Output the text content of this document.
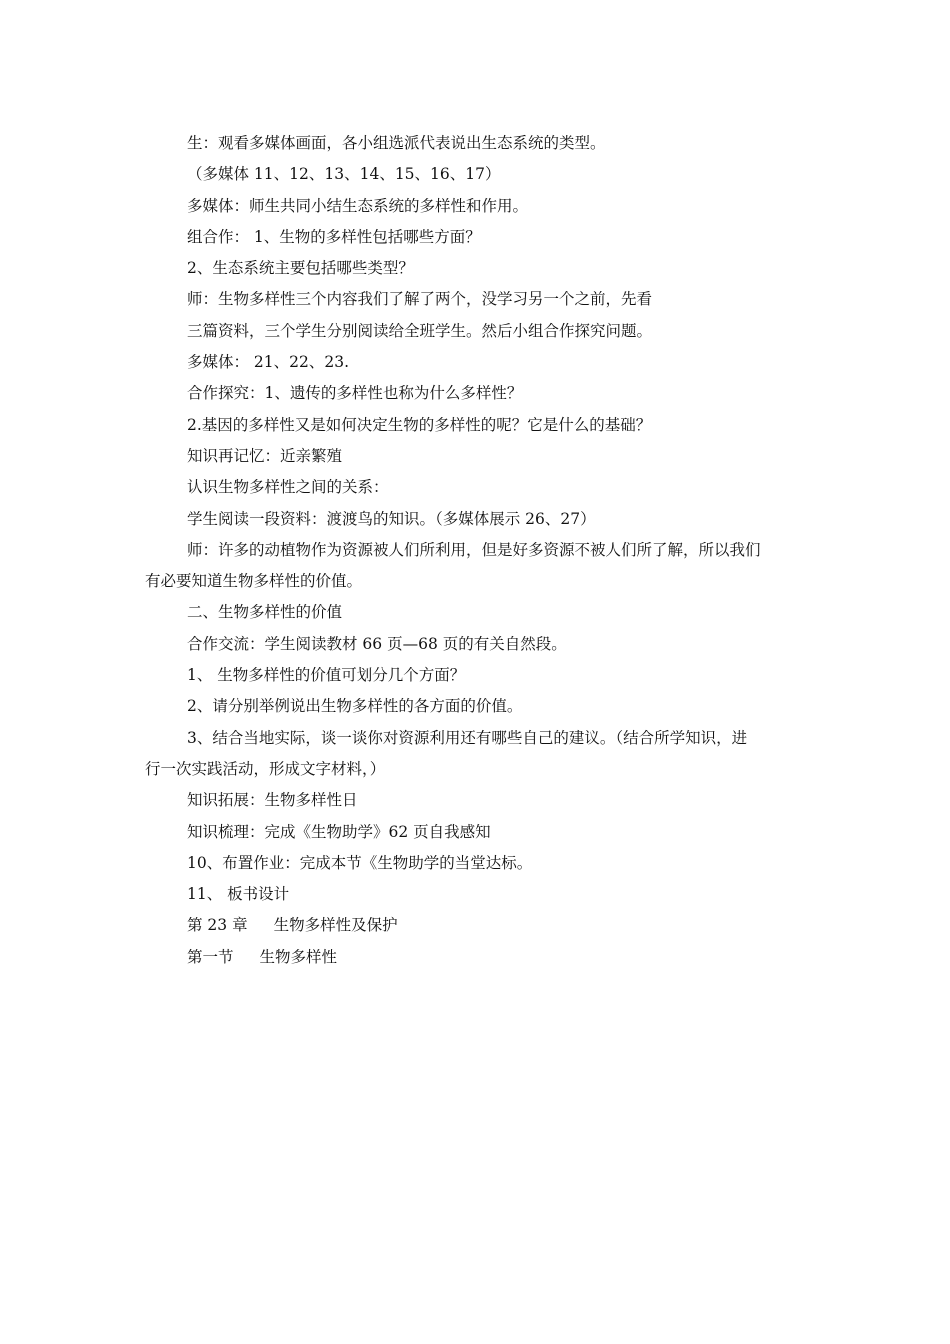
生：观看多媒体画面，各小组选派代表说出生态系统的类型。
（多媒体 11、12、13、14、15、16、17）
多媒体：师生共同小结生态系统的多样性和作用。
组合作： 1、生物的多样性包括哪些方面？
2、生态系统主要包括哪些类型？
师：生物多样性三个内容我们了解了两个，没学习另一个之前，先看
三篇资料，三个学生分别阅读给全班学生。然后小组合作探究问题。
多媒体： 21、22、23.
合作探究：1、遗传的多样性也称为什么多样性？
2.基因的多样性又是如何决定生物的多样性的呢？它是什么的基础？
知识再记忆：近亲繁殖
认识生物多样性之间的关系：
学生阅读一段资料：渡渡鸟的知识。（多媒体展示 26、27）
师：许多的动植物作为资源被人们所利用，但是好多资源不被人们所了解，所以我们
有必要知道生物多样性的价值。
二、生物多样性的价值
合作交流：学生阅读教材 66 页—68 页的有关自然段。
1、 生物多样性的价值可划分几个方面？
2、请分别举例说出生物多样性的各方面的价值。
3、结合当地实际，谈一谈你对资源利用还有哪些自己的建议。（结合所学知识，进
行一次实践活动，形成文字材料，）
知识拓展：生物多样性日
知识梳理：完成《生物助学》62 页自我感知
10、布置作业：完成本节《生物助学的当堂达标。
11、 板书设计
第 23 章 生物多样性及保护
第一节 生物多样性
